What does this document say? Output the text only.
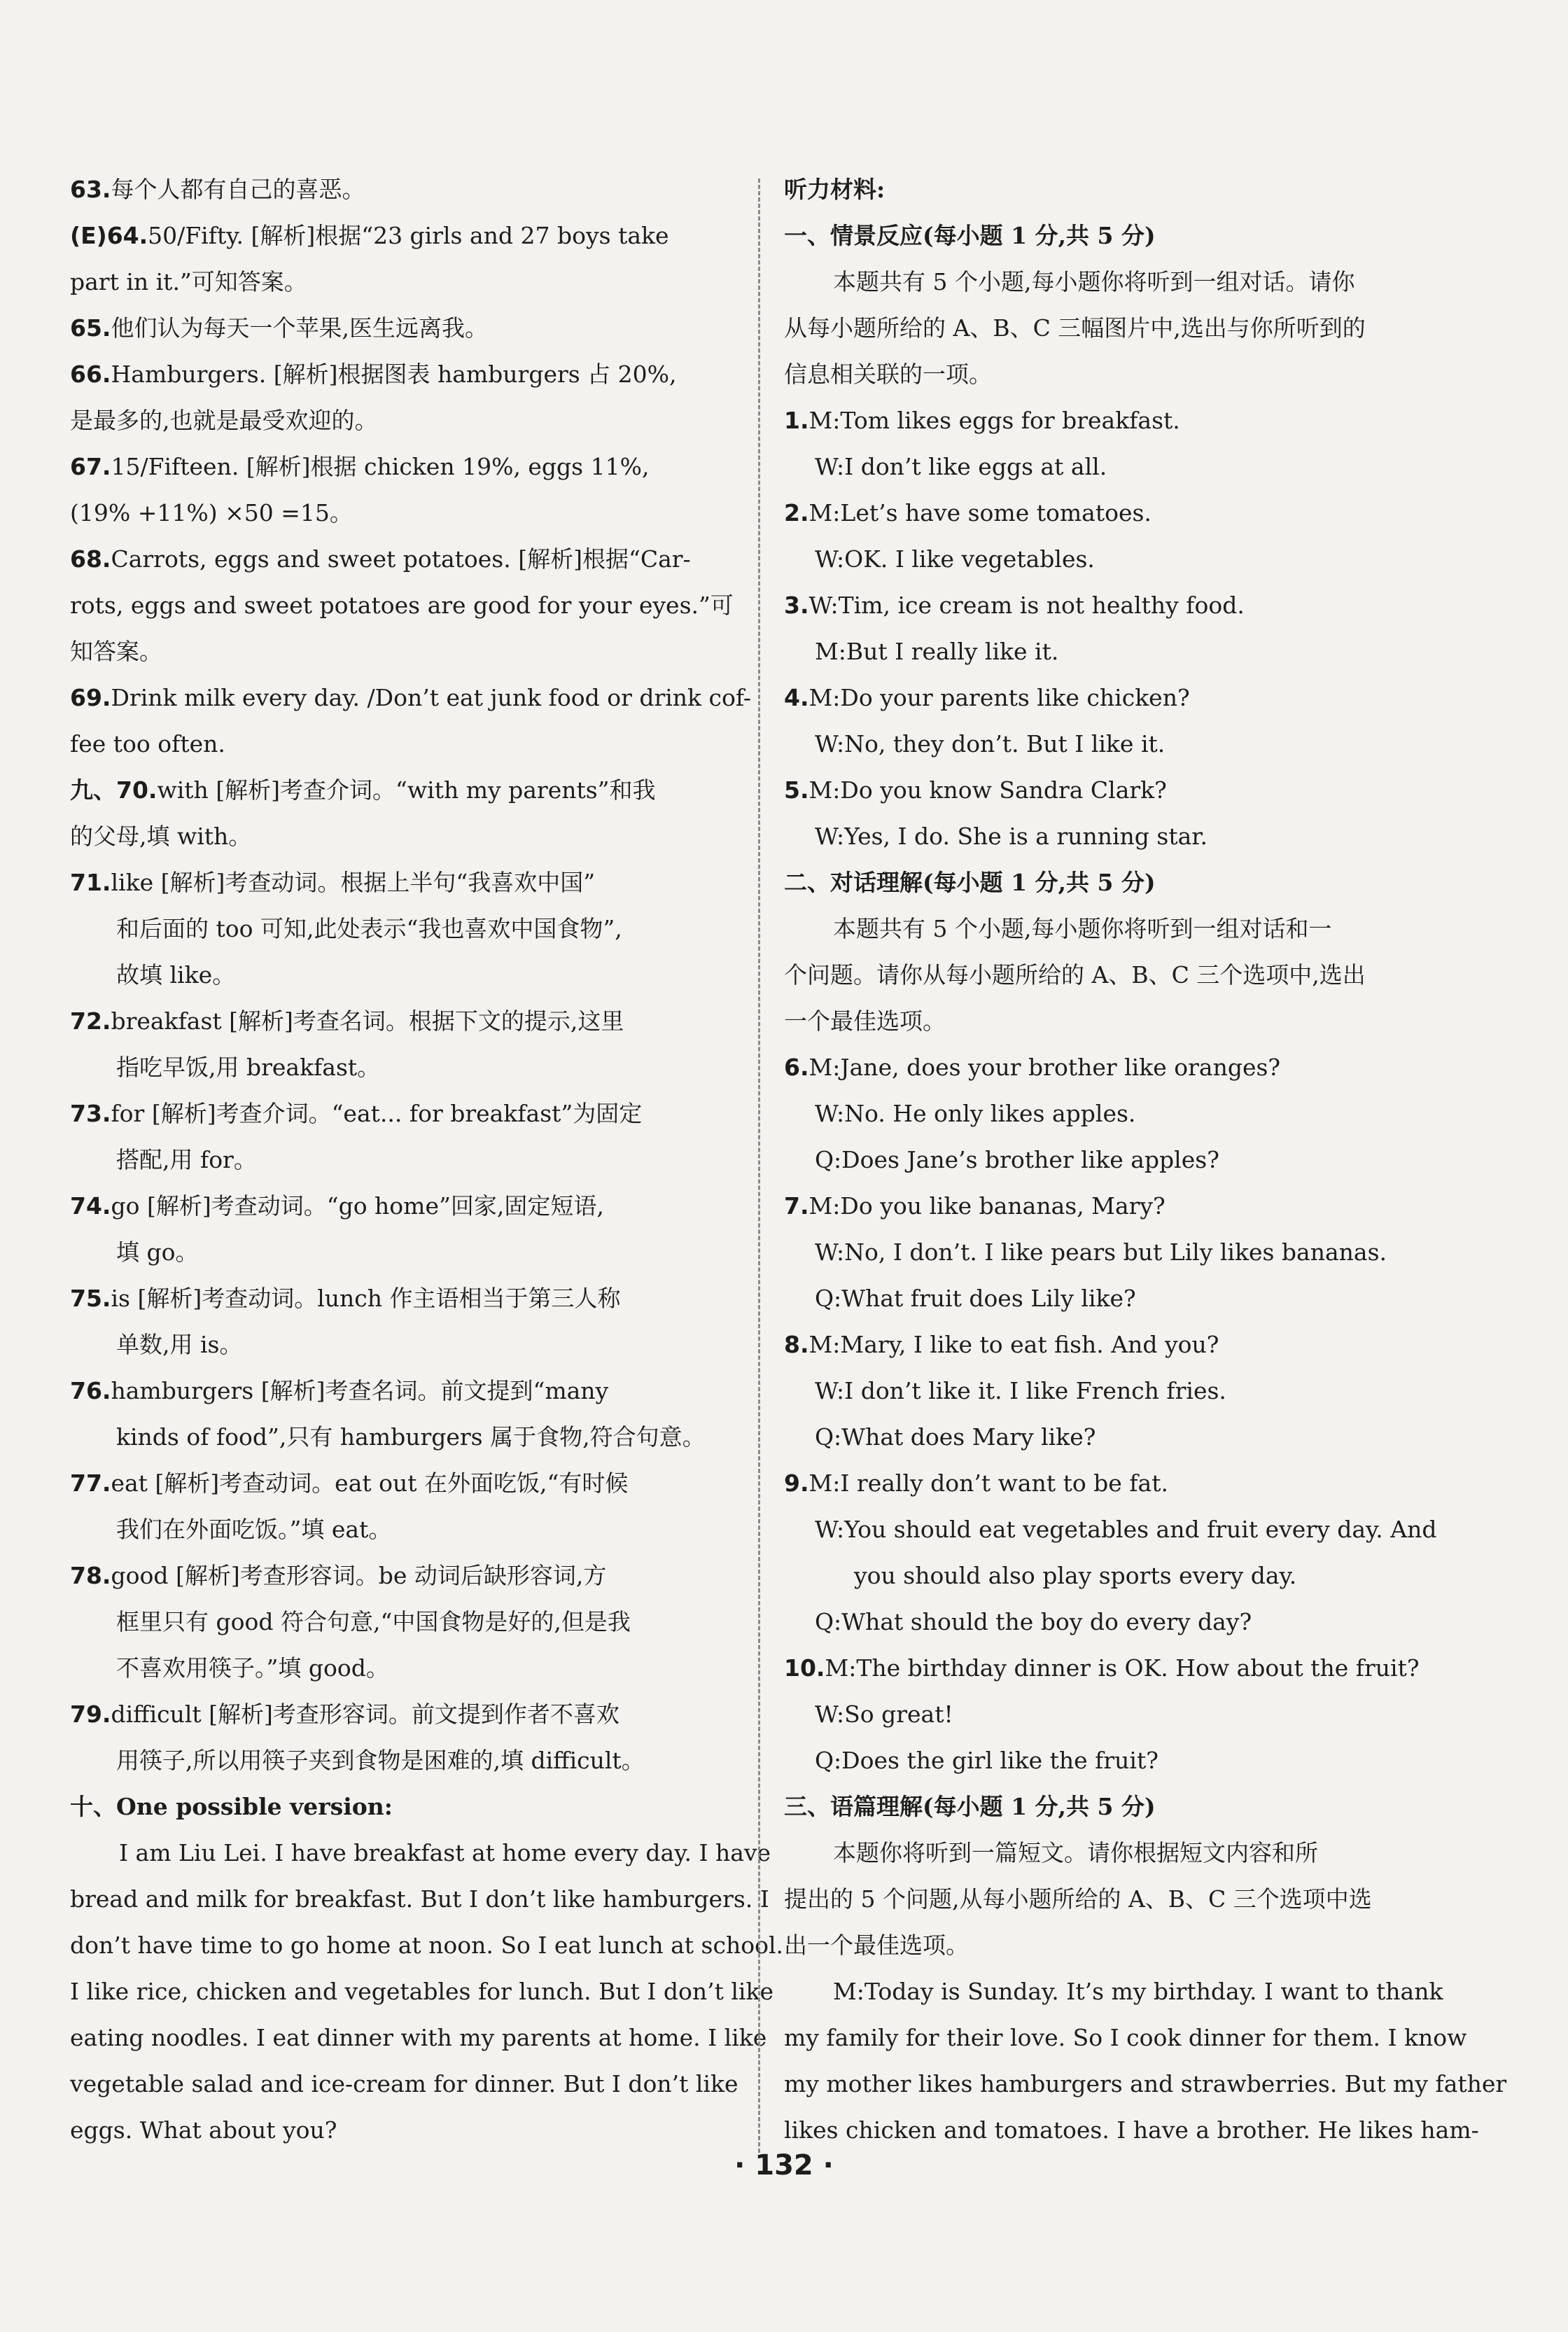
63.每个人都有自己的喜恶。
(E)64.50/Fifty. [解析]根据“23 girls and 27 boys take
part in it.”可知答案。
65.他们认为每天一个苹果,医生远离我。
66.Hamburgers. [解析]根据图表 hamburgers 占 20%,
是最多的,也就是最受欢迎的。
67.15/Fifteen. [解析]根据 chicken 19%, eggs 11%,
(19% +11%) ×50 =15。
68.Carrots, eggs and sweet potatoes. [解析]根据“Car-
rots, eggs and sweet potatoes are good for your eyes.”可
知答案。
69.Drink milk every day. /Don’t eat junk food or drink cof-
fee too often.
九、70.with [解析]考查介词。“with my parents”和我
的父母,填 with。
71.like [解析]考查动词。根据上半句“我喜欢中国”
和后面的 too 可知,此处表示“我也喜欢中国食物”,
故填 like。
72.breakfast [解析]考查名词。根据下文的提示,这里
指吃早饭,用 breakfast。
73.for [解析]考查介词。“eat... for breakfast”为固定
搭配,用 for。
74.go [解析]考查动词。“go home”回家,固定短语,
填 go。
75.is [解析]考查动词。lunch 作主语相当于第三人称
单数,用 is。
76.hamburgers [解析]考查名词。前文提到“many
kinds of food”,只有 hamburgers 属于食物,符合句意。
77.eat [解析]考查动词。eat out 在外面吃饭,“有时候
我们在外面吃饭。”填 eat。
78.good [解析]考查形容词。be 动词后缺形容词,方
框里只有 good 符合句意,“中国食物是好的,但是我
不喜欢用筷子。”填 good。
79.difficult [解析]考查形容词。前文提到作者不喜欢
用筷子,所以用筷子夹到食物是困难的,填 difficult。
十、One possible version:
I am Liu Lei. I have breakfast at home every day. I have
bread and milk for breakfast. But I don’t like hamburgers. I
don’t have time to go home at noon. So I eat lunch at school.
I like rice, chicken and vegetables for lunch. But I don’t like
eating noodles. I eat dinner with my parents at home. I like
vegetable salad and ice-cream for dinner. But I don’t like
eggs. What about you?
听力材料:
一、情景反应(每小题 1 分,共 5 分)
本题共有 5 个小题,每小题你将听到一组对话。请你
从每小题所给的 A、B、C 三幅图片中,选出与你所听到的
信息相关联的一项。
1.M:Tom likes eggs for breakfast.
W:I don’t like eggs at all.
2.M:Let’s have some tomatoes.
W:OK. I like vegetables.
3.W:Tim, ice cream is not healthy food.
M:But I really like it.
4.M:Do your parents like chicken?
W:No, they don’t. But I like it.
5.M:Do you know Sandra Clark?
W:Yes, I do. She is a running star.
二、对话理解(每小题 1 分,共 5 分)
本题共有 5 个小题,每小题你将听到一组对话和一
个问题。请你从每小题所给的 A、B、C 三个选项中,选出
一个最佳选项。
6.M:Jane, does your brother like oranges?
W:No. He only likes apples.
Q:Does Jane’s brother like apples?
7.M:Do you like bananas, Mary?
W:No, I don’t. I like pears but Lily likes bananas.
Q:What fruit does Lily like?
8.M:Mary, I like to eat fish. And you?
W:I don’t like it. I like French fries.
Q:What does Mary like?
9.M:I really don’t want to be fat.
W:You should eat vegetables and fruit every day. And
you should also play sports every day.
Q:What should the boy do every day?
10.M:The birthday dinner is OK. How about the fruit?
W:So great!
Q:Does the girl like the fruit?
三、语篇理解(每小题 1 分,共 5 分)
本题你将听到一篇短文。请你根据短文内容和所
提出的 5 个问题,从每小题所给的 A、B、C 三个选项中选
出一个最佳选项。
M:Today is Sunday. It’s my birthday. I want to thank
my family for their love. So I cook dinner for them. I know
my mother likes hamburgers and strawberries. But my father
likes chicken and tomatoes. I have a brother. He likes ham-
· 132 ·
